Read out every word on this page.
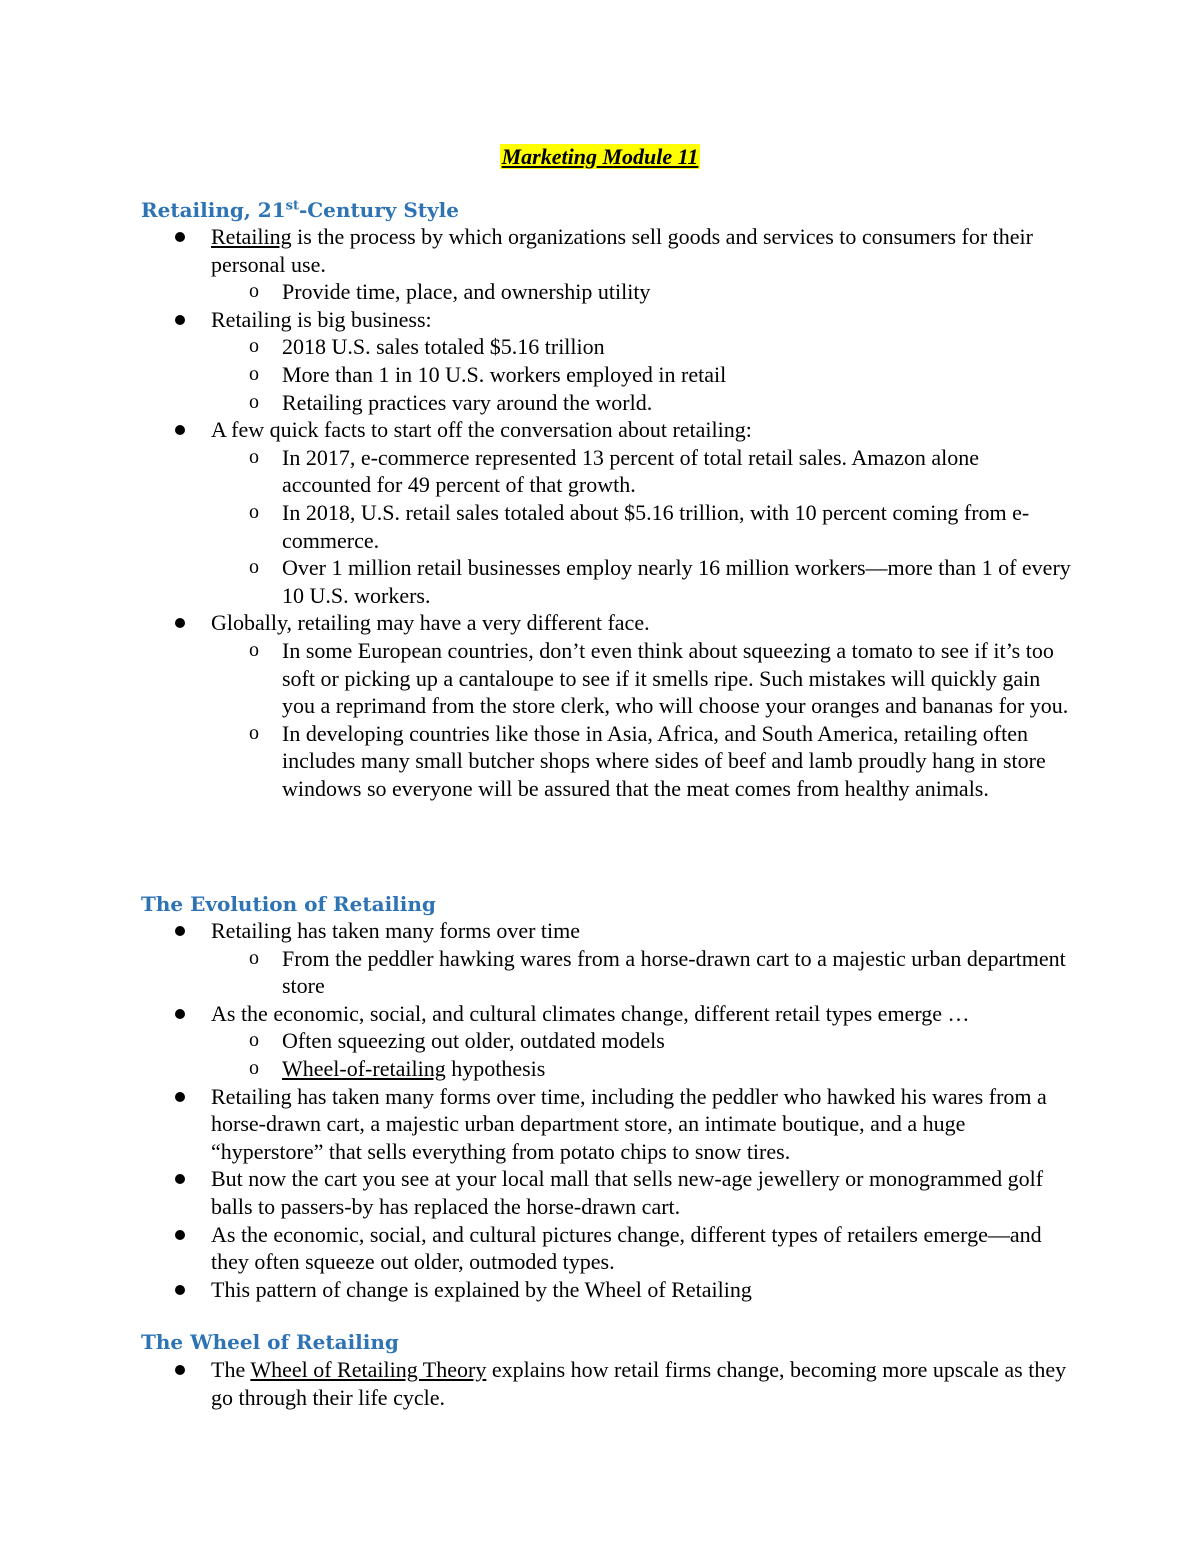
Marketing Module 11
Retailing, 21st-Century Style
Retailing is the process by which organizations sell goods and services to consumers for their personal use.
o Provide time, place, and ownership utility
Retailing is big business:
o 2018 U.S. sales totaled $5.16 trillion
o More than 1 in 10 U.S. workers employed in retail
o Retailing practices vary around the world.
A few quick facts to start off the conversation about retailing:
o In 2017, e-commerce represented 13 percent of total retail sales. Amazon alone accounted for 49 percent of that growth.
o In 2018, U.S. retail sales totaled about $5.16 trillion, with 10 percent coming from e-commerce.
o Over 1 million retail businesses employ nearly 16 million workers—more than 1 of every 10 U.S. workers.
Globally, retailing may have a very different face.
o In some European countries, don’t even think about squeezing a tomato to see if it’s too soft or picking up a cantaloupe to see if it smells ripe. Such mistakes will quickly gain you a reprimand from the store clerk, who will choose your oranges and bananas for you.
o In developing countries like those in Asia, Africa, and South America, retailing often includes many small butcher shops where sides of beef and lamb proudly hang in store windows so everyone will be assured that the meat comes from healthy animals.
The Evolution of Retailing
Retailing has taken many forms over time
o From the peddler hawking wares from a horse-drawn cart to a majestic urban department store
As the economic, social, and cultural climates change, different retail types emerge …
o Often squeezing out older, outdated models
o Wheel-of-retailing hypothesis
Retailing has taken many forms over time, including the peddler who hawked his wares from a horse-drawn cart, a majestic urban department store, an intimate boutique, and a huge “hyperstore” that sells everything from potato chips to snow tires.
But now the cart you see at your local mall that sells new-age jewellery or monogrammed golf balls to passers-by has replaced the horse-drawn cart.
As the economic, social, and cultural pictures change, different types of retailers emerge—and they often squeeze out older, outmoded types.
This pattern of change is explained by the Wheel of Retailing
The Wheel of Retailing
The Wheel of Retailing Theory explains how retail firms change, becoming more upscale as they go through their life cycle.
